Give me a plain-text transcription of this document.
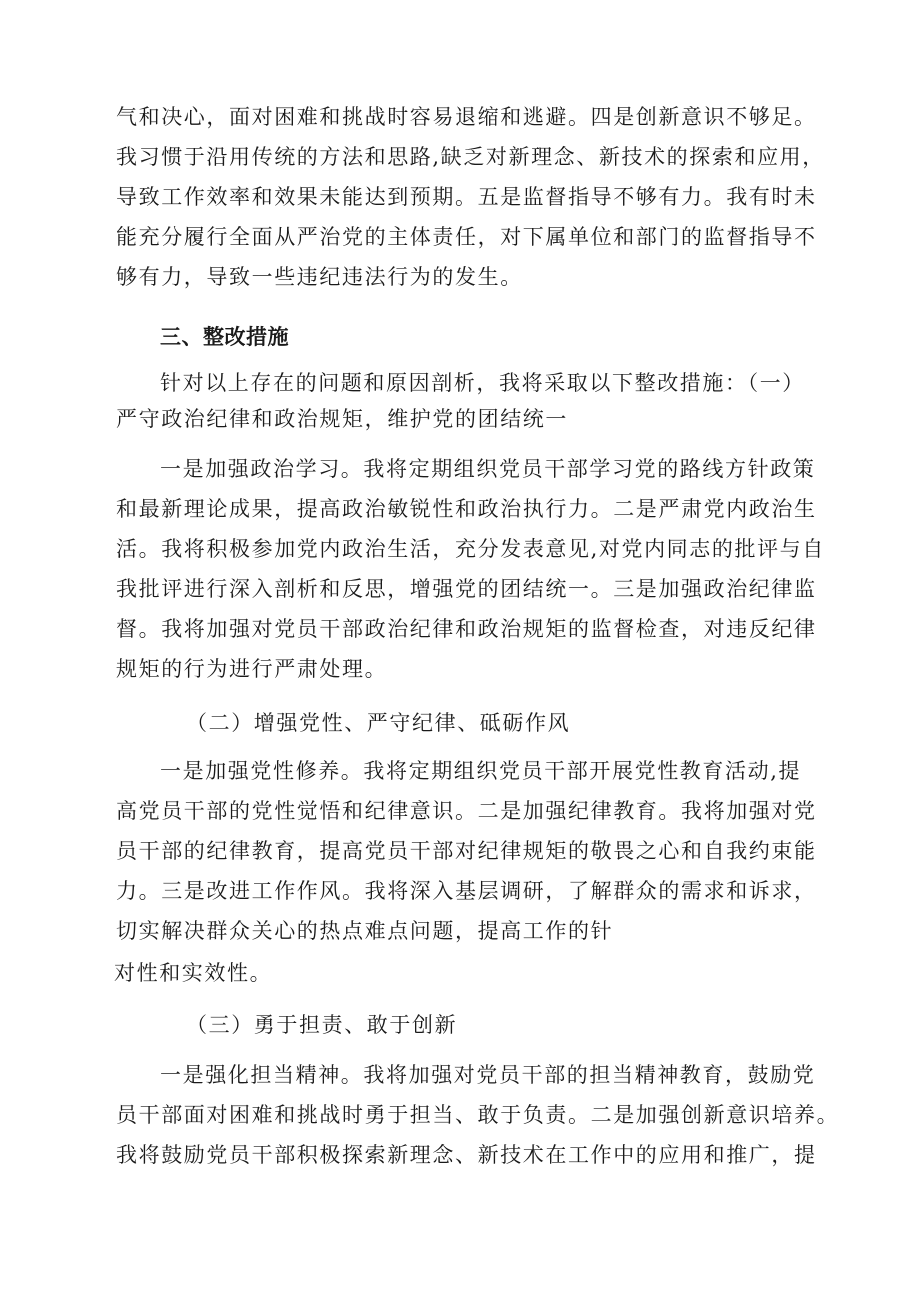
气和决心，面对困难和挑战时容易退缩和逃避。四是创新意识不够足。
我习惯于沿用传统的方法和思路,缺乏对新理念、新技术的探索和应用，
导致工作效率和效果未能达到预期。五是监督指导不够有力。我有时未
能充分履行全面从严治党的主体责任，对下属单位和部门的监督指导不
够有力，导致一些违纪违法行为的发生。
三、整改措施
针对以上存在的问题和原因剖析，我将采取以下整改措施：（一）
严守政治纪律和政治规矩，维护党的团结统一
一是加强政治学习。我将定期组织党员干部学习党的路线方针政策
和最新理论成果，提高政治敏锐性和政治执行力。二是严肃党内政治生
活。我将积极参加党内政治生活，充分发表意见,对党内同志的批评与自
我批评进行深入剖析和反思，增强党的团结统一。三是加强政治纪律监
督。我将加强对党员干部政治纪律和政治规矩的监督检查，对违反纪律
规矩的行为进行严肃处理。
（二）增强党性、严守纪律、砥砺作风
一是加强党性修养。我将定期组织党员干部开展党性教育活动,提
高党员干部的党性觉悟和纪律意识。二是加强纪律教育。我将加强对党
员干部的纪律教育，提高党员干部对纪律规矩的敬畏之心和自我约束能
力。三是改进工作作风。我将深入基层调研，了解群众的需求和诉求，
切实解决群众关心的热点难点问题，提高工作的针
对性和实效性。
（三）勇于担责、敢于创新
一是强化担当精神。我将加强对党员干部的担当精神教育，鼓励党
员干部面对困难和挑战时勇于担当、敢于负责。二是加强创新意识培养。
我将鼓励党员干部积极探索新理念、新技术在工作中的应用和推广，提
